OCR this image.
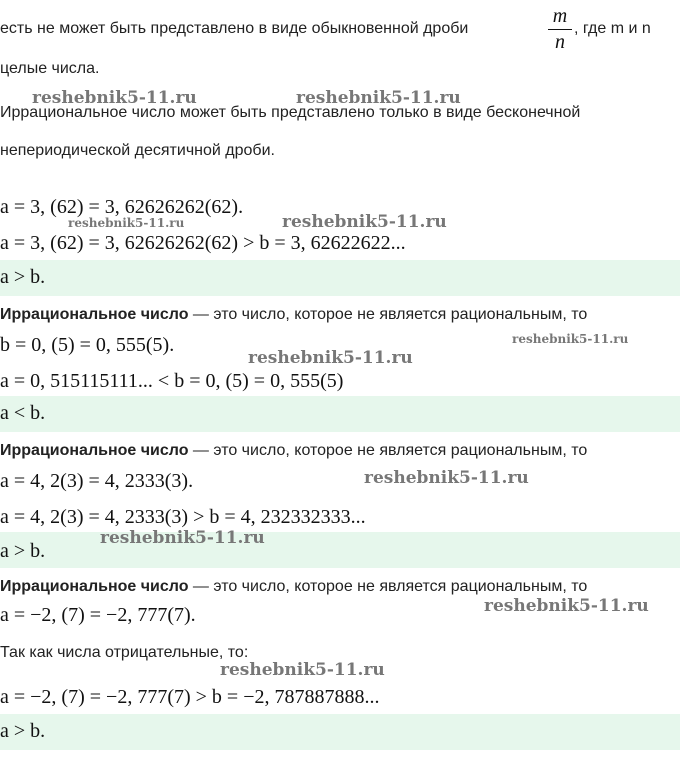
есть не может быть представлено в виде обыкновенной дроби
m
n
, где m и n
целые числа.
Иррациональное число может быть представлено только в виде бесконечной
непериодической десятичной дроби.
a = 3, (62) = 3, 62626262(62).
a = 3, (62) = 3, 62626262(62) > b = 3, 62622622...
a > b.
Иррациональное число — это число, которое не является рациональным, то
b = 0, (5) = 0, 555(5).
a = 0, 515115111... < b = 0, (5) = 0, 555(5)
a < b.
Иррациональное число — это число, которое не является рациональным, то
a = 4, 2(3) = 4, 2333(3).
a = 4, 2(3) = 4, 2333(3) > b = 4, 232332333...
a > b.
Иррациональное число — это число, которое не является рациональным, то
a = −2, (7) = −2, 777(7).
Так как числа отрицательные, то:
a = −2, (7) = −2, 777(7) > b = −2, 787887888...
a > b.
reshebnik5-11.ru	reshebnik5-11.ru
reshebnik5-11.ru	reshebnik5-11.ru
reshebnik5-11.ru
reshebnik5-11.ru
reshebnik5-11.ru
reshebnik5-11.ru
reshebnik5-11.ru
reshebnik5-11.ru
